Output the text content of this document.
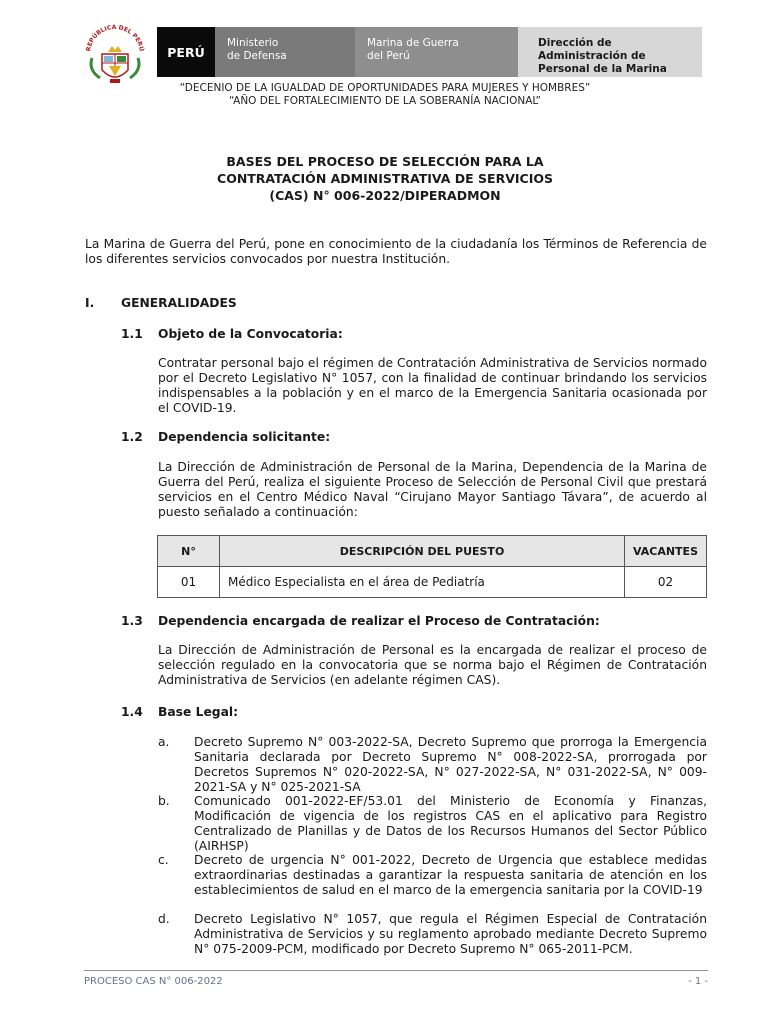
REPÚBLICA DEL PERÚ	PERÚ
Ministerio
de Defensa
Marina de Guerra
del Perú
Dirección de Administración de
Personal de la Marina
“DECENIO DE LA IGUALDAD DE OPORTUNIDADES PARA MUJERES Y HOMBRES”
“AÑO DEL FORTALECIMIENTO DE LA SOBERANÍA NACIONAL”
BASES DEL PROCESO DE SELECCIÓN PARA LA
CONTRATACIÓN ADMINISTRATIVA DE SERVICIOS
(CAS) N° 006-2022/DIPERADMON
La Marina de Guerra del Perú, pone en conocimiento de la ciudadanía los Términos de Referencia de los diferentes servicios convocados por nuestra Institución.
I. GENERALIDADES
1.1 Objeto de la Convocatoria:
Contratar personal bajo el régimen de Contratación Administrativa de Servicios normado por el Decreto Legislativo N° 1057, con la finalidad de continuar brindando los servicios indispensables a la población y en el marco de la Emergencia Sanitaria ocasionada por el COVID-19.
1.2 Dependencia solicitante:
La Dirección de Administración de Personal de la Marina, Dependencia de la Marina de Guerra del Perú, realiza el siguiente Proceso de Selección de Personal Civil que prestará servicios en el Centro Médico Naval “Cirujano Mayor Santiago Távara”, de acuerdo al puesto señalado a continuación:
N°	DESCRIPCIÓN DEL PUESTO	VACANTES
01	Médico Especialista en el área de Pediatría	02
1.3 Dependencia encargada de realizar el Proceso de Contratación:
La Dirección de Administración de Personal es la encargada de realizar el proceso de selección regulado en la convocatoria que se norma bajo el Régimen de Contratación Administrativa de Servicios (en adelante régimen CAS).
1.4 Base Legal:
a.	Decreto Supremo N° 003-2022-SA, Decreto Supremo que prorroga la Emergencia Sanitaria declarada por Decreto Supremo N° 008-2022-SA, prorrogada por Decretos Supremos N° 020-2022-SA, N° 027-2022-SA, N° 031-2022-SA, N° 009-2021-SA y N° 025-2021-SA
b.	Comunicado 001-2022-EF/53.01 del Ministerio de Economía y Finanzas, Modificación de vigencia de los registros CAS en el aplicativo para Registro Centralizado de Planillas y de Datos de los Recursos Humanos del Sector Público (AIRHSP)
c.	Decreto de urgencia N° 001-2022, Decreto de Urgencia que establece medidas extraordinarias destinadas a garantizar la respuesta sanitaria de atención en los establecimientos de salud en el marco de la emergencia sanitaria por la COVID-19
d.	Decreto Legislativo N° 1057, que regula el Régimen Especial de Contratación Administrativa de Servicios y su reglamento aprobado mediante Decreto Supremo N° 075-2009-PCM, modificado por Decreto Supremo N° 065-2011-PCM.
PROCESO CAS N° 006-2022	- 1 -
